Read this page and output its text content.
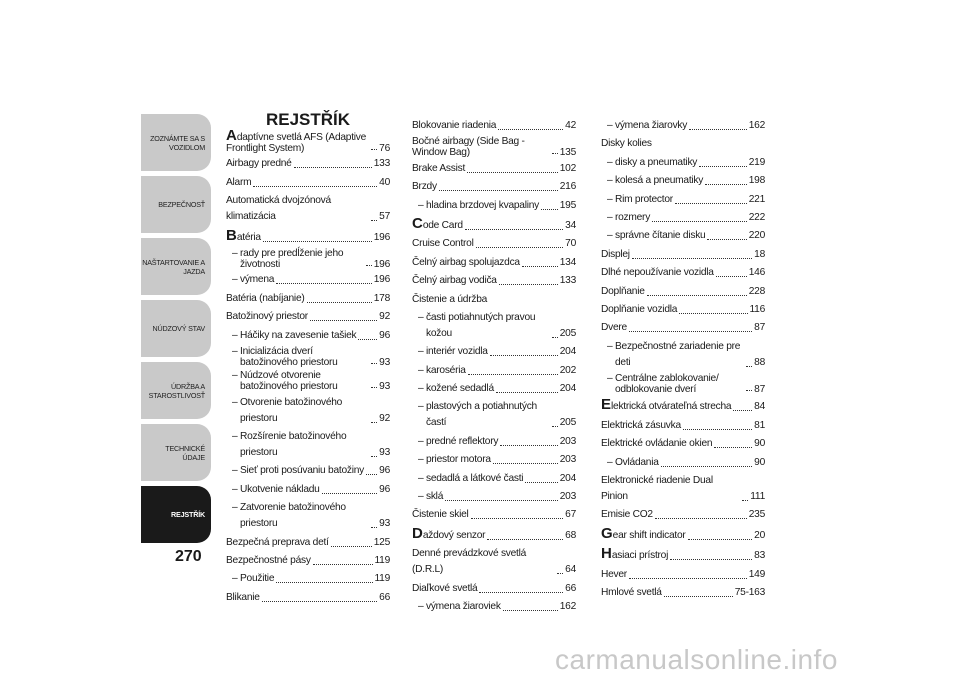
ZOZNÁMTE SA S VOZIDLOM
BEZPEČNOSŤ
NAŠTARTOVANIE A JAZDA
NÚDZOVÝ STAV
ÚDRŽBA A STAROSTLIVOSŤ
TECHNICKÉ ÚDAJE
REJSTŘÍK
270
REJSTŘÍK
Adaptívne svetlá AFS (Adaptive Frontlight System)	76
Airbagy predné	133
Alarm	40
Automatická dvojzónová klimatizácia	57
Batéria	196
– rady pre predĺženie jeho životnosti	196
– výmena	196
Batéria (nabíjanie)	178
Batožinový priestor	92
– Háčiky na zavesenie tašiek 96
– Inicializácia dverí batožinového priestoru	93
– Núdzové otvorenie batožinového priestoru	93
– Otvorenie batožinového priestoru	92
– Rozšírenie batožinového priestoru	93
– Sieť proti posúvaniu batožiny 96
– Ukotvenie nákladu	96
– Zatvorenie batožinového priestoru	93
Bezpečná preprava detí	125
Bezpečnostné pásy	119
– Použitie	119
Blikanie	66
Blokovanie riadenia	42
Bočné airbagy (Side Bag - Window Bag)	135
Brake Assist	102
Brzdy	216
– hladina brzdovej kvapaliny 195
Code Card	34
Cruise Control	70
Čelný airbag spolujazdca	134
Čelný airbag vodiča	133
Čistenie a údržba
– časti potiahnutých pravou kožou	205
– interiér vozidla	204
– karoséria	202
– kožené sedadlá	204
– plastových a potiahnutých častí	205
– predné reflektory	203
– priestor motora	203
– sedadlá a látkové časti	204
– sklá	203
Čistenie skiel	67
Daždový senzor	68
Denné prevádzkové svetlá (D.R.L)	64
Diaľkové svetlá	66
– výmena žiaroviek	162
– výmena žiarovky	162
Disky kolies
– disky a pneumatiky	219
– kolesá a pneumatiky	198
– Rim protector	221
– rozmery	222
– správne čítanie disku	220
Displej	18
Dlhé nepoužívanie vozidla	146
Doplňanie	228
Doplňanie vozidla	116
Dvere	87
– Bezpečnostné zariadenie pre deti	88
– Centrálne zablokovanie/ odblokovanie dverí	87
Elektrická otvárateľná strecha 84
Elektrická zásuvka	81
Elektrické ovládanie okien	90
– Ovládania	90
Elektronické riadenie Dual Pinion	111
Emisie CO2	235
Gear shift indicator	20
Hasiaci prístroj	83
Hever	149
Hmlové svetlá	75-163
carmanualsonline.info
